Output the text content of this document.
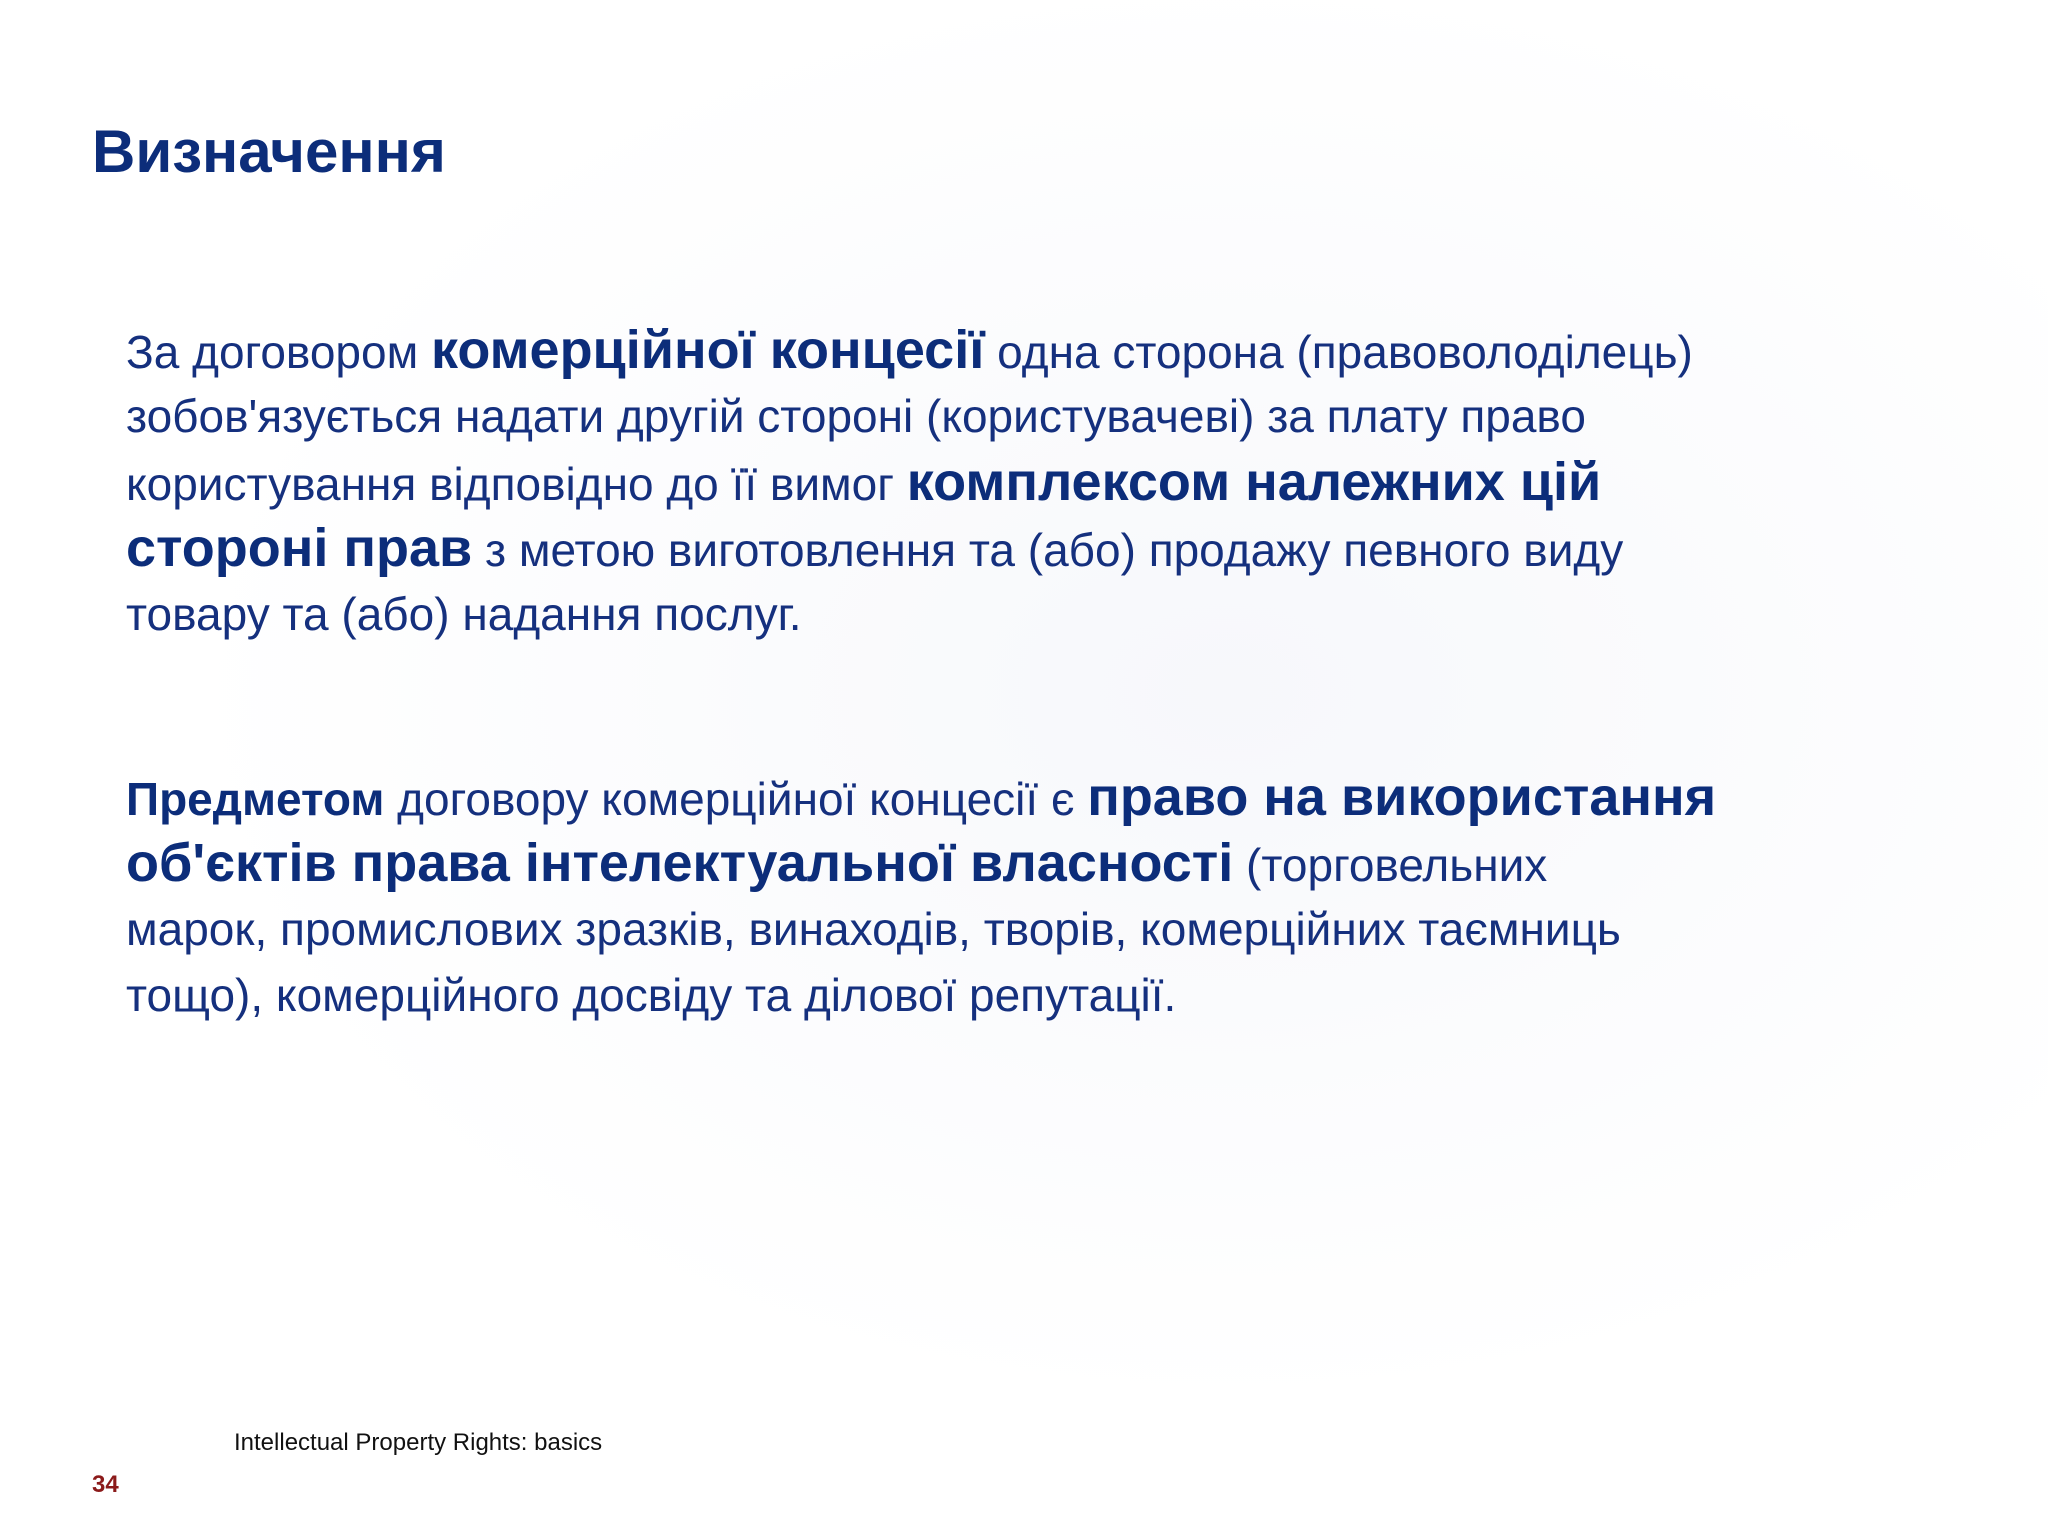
Визначення

За договором комерційної концесії одна сторона (правоволоділець)
зобов'язується надати другій стороні (користувачеві) за плату право
користування відповідно до її вимог комплексом належних цій
стороні прав з метою виготовлення та (або) продажу певного виду
товару та (або) надання послуг.

Предметом договору комерційної концесії є право на використання
об'єктів права інтелектуальної власності (торговельних
марок, промислових зразків, винаходів, творів, комерційних таємниць
тощо), комерційного досвіду та ділової репутації.

Intellectual Property Rights: basics

34
